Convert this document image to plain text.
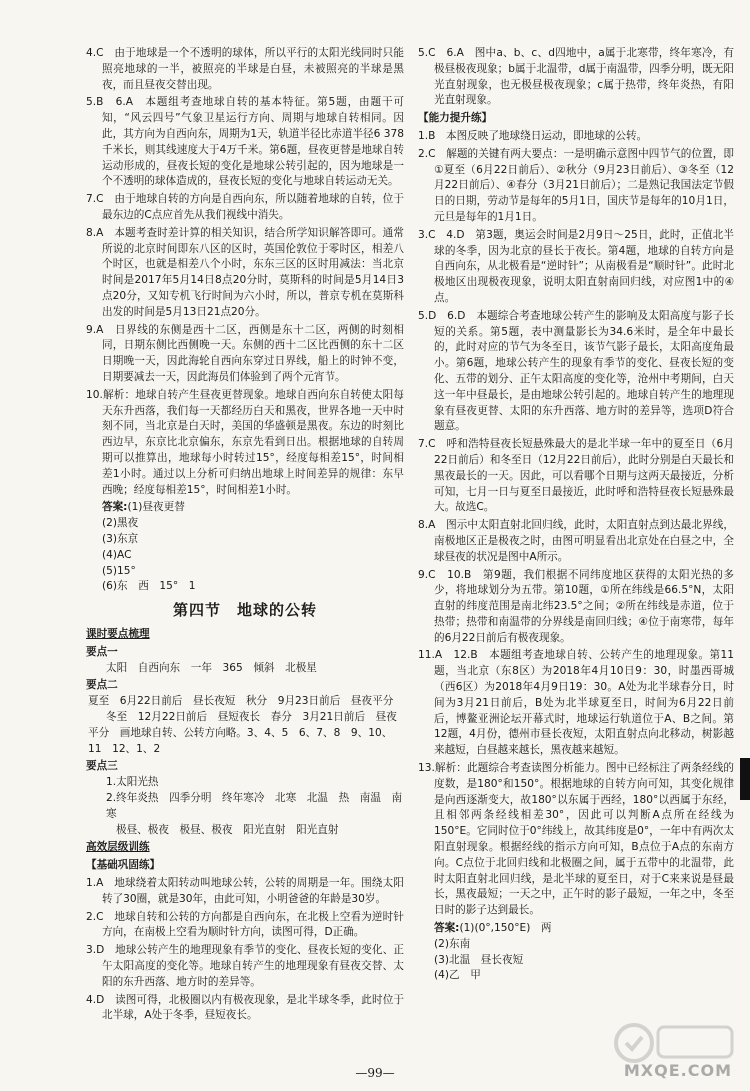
4.C　由于地球是一个不透明的球体，所以平行的太阳光线同时只能照亮地球的一半，被照亮的半球是白昼，未被照亮的半球是黑夜，而且昼夜交替出现。

5.B　6.A　本题组考查地球自转的基本特征。第5题，由题干可知，“风云四号”气象卫星运行方向、周期与地球自转相同。因此，其方向为自西向东，周期为1天，轨道半径比赤道半径6 378千米长，则其线速度大于4万千米。第6题，昼夜更替是地球自转运动形成的，昼夜长短的变化是地球公转引起的，因为地球是一个不透明的球体造成的，昼夜长短的变化与地球自转运动无关。

7.C　由于地球自转的方向是自西向东，所以随着地球的自转，位于最东边的C点应首先从我们视线中消失。

8.A　本题考查时差计算的相关知识，结合所学知识解答即可。通常所说的北京时间即东八区的区时，英国伦敦位于零时区，相差八个时区，也就是相差八个小时，东东三区的区时用减法：当北京时间是2017年5月14日8点20分时，莫斯科的时间是5月14日3点20分，又知专机飞行时间为六小时，所以，普京专机在莫斯科出发的时间是5月13日21点20分。

9.A　日界线的东侧是西十二区，西侧是东十二区，两侧的时刻相同，日期东侧比西侧晚一天。东侧的西十二区比西侧的东十二区日期晚一天，因此海轮自西向东穿过日界线，船上的时钟不变，日期要减去一天，因此海员们体验到了两个元宵节。

10.解析：地球自转产生昼夜更替现象。地球自西向东自转使太阳每天东升西落，我们每一天都经历白天和黑夜，世界各地一天中时刻不同，当北京是白天时，美国的华盛顿是黑夜。东边的时刻比西边早，东京比北京偏东，东京先看到日出。根据地球的自转周期可以推算出，地球每小时转过15°，经度每相差15°，时间相差1小时。通过以上分析可归纳出地球上时间差异的规律：东早西晚；经度每相差15°，时间相差1小时。

答案:(1)昼夜更替

(2)黑夜

(3)东京

(4)AC

(5)15°

(6)东　西　15°　1

第四节　地球的公转
课时要点梳理

要点一

太阳　自西向东　一年　365　倾斜　北极星

要点二

夏至　6月22日前后　昼长夜短　秋分　9月23日前后　昼夜平分

冬至　12月22日前后　昼短夜长　春分　3月21日前后　昼夜

平分　画地球自转、公转方向略。3、4、5　6、7、8　9、10、11　12、1、2

要点三

1.太阳光热

2.终年炎热　四季分明　终年寒冷　北寒　北温　热　南温　南寒

极昼、极夜　极昼、极夜　阳光直射　阳光直射

高效层级训练

【基础巩固练】

1.A　地球绕着太阳转动叫地球公转，公转的周期是一年。围绕太阳转了30圈，就是30年，由此可知，小明爸爸的年龄是30岁。

2.C　地球自转和公转的方向都是自西向东，在北极上空看为逆时针方向，在南极上空看为顺时针方向，读图可得，D正确。

3.D　地球公转产生的地理现象有季节的变化、昼夜长短的变化、正午太阳高度的变化等。地球自转产生的地理现象有昼夜交替、太阳的东升西落、地方时的差异等。

4.D　读图可得，北极圈以内有极夜现象，是北半球冬季，此时位于北半球，A处于冬季，昼短夜长。

5.C　6.A　图中a、b、c、d四地中，a属于北寒带，终年寒冷，有极昼极夜现象；b属于北温带，d属于南温带，四季分明，既无阳光直射现象，也无极昼极夜现象；c属于热带，终年炎热，有阳光直射现象。

【能力提升练】

1.B　本图反映了地球绕日运动，即地球的公转。

2.C　解题的关键有两大要点：一是明确示意图中四节气的位置，即①夏至（6月22日前后）、②秋分（9月23日前后）、③冬至（12月22日前后）、④春分（3月21日前后）；二是熟记我国法定节假日的日期，劳动节是每年的5月1日，国庆节是每年的10月1日，元旦是每年的1月1日。

3.C　4.D　第3题，奥运会时间是2月9日～25日，此时，正值北半球的冬季，因为北京的昼长于夜长。第4题，地球的自转方向是自西向东，从北极看是“逆时针”；从南极看是“顺时针”。此时北极地区出现极夜现象，说明太阳直射南回归线，对应图1中的④点。

5.D　6.D　本题综合考查地球公转产生的影响及太阳高度与影子长短的关系。第5题，表中测量影长为34.6米时，是全年中最长的，此时对应的节气为冬至日，该节气影子最长，太阳高度角最小。第6题，地球公转产生的现象有季节的变化、昼夜长短的变化、五带的划分、正午太阳高度的变化等，沧州中考期间，白天这一年中昼最长，是由地球公转引起的。地球自转产生的地理现象有昼夜更替、太阳的东升西落、地方时的差异等，选项D符合题意。

7.C　呼和浩特昼夜长短悬殊最大的是北半球一年中的夏至日（6月22日前后）和冬至日（12月22日前后），此时分别是白天最长和黑夜最长的一天。因此，可以看哪个日期与这两天最接近，分析可知，七月一日与夏至日最接近，此时呼和浩特昼夜长短悬殊最大。故选C。

8.A　图示中太阳直射北回归线，此时，太阳直射点到达最北界线，南极地区正是极夜之时，由图可明显看出北京处在白昼之中，全球昼夜的状况是图中A所示。

9.C　10.B　第9题，我们根据不同纬度地区获得的太阳光热的多少，将地球划分为五带。第10题，①所在纬线是66.5°N，太阳直射的纬度范围是南北纬23.5°之间；②所在纬线是赤道，位于热带；热带和南温带的分界线是南回归线；④位于南寒带，每年的6月22日前后有极夜现象。

11.A　12.B　本题组考查地球自转、公转产生的地理现象。第11题，当北京（东8区）为2018年4月10日9：30，时墨西哥城（西6区）为2018年4月9日19：30。A处为北半球春分日，时间为3月21日前后，B处为北半球夏至日，时间为6月22日前后，博鳌亚洲论坛开幕式时，地球运行轨道位于A、B之间。第12题，4月份，德州市昼长夜短，太阳直射点向北移动，树影越来越短，白昼越来越长，黑夜越来越短。

13.解析：此题综合考查读图分析能力。图中已经标注了两条经线的度数，是180°和150°。根据地球的自转方向可知，其变化规律是向西逐渐变大，故180°以东属于西经，180°以西属于东经，且相邻两条经线相差30°，因此可以判断A点所在经线为150°E。它同时位于0°纬线上，故其纬度是0°，一年中有两次太阳直射现象。根据经线的指示方向可知，B点位于A点的东南方向。C点位于北回归线和北极圈之间，属于五带中的北温带，此时太阳直射北回归线，是北半球的夏至日，对于C来来说是昼最长，黑夜最短；一天之中，正午时的影子最短，一年之中，冬至日时的影子达到最长。

答案:(1)(0°,150°E)　两

(2)东南

(3)北温　昼长夜短

(4)乙　甲

—99—	MXQE.COM
